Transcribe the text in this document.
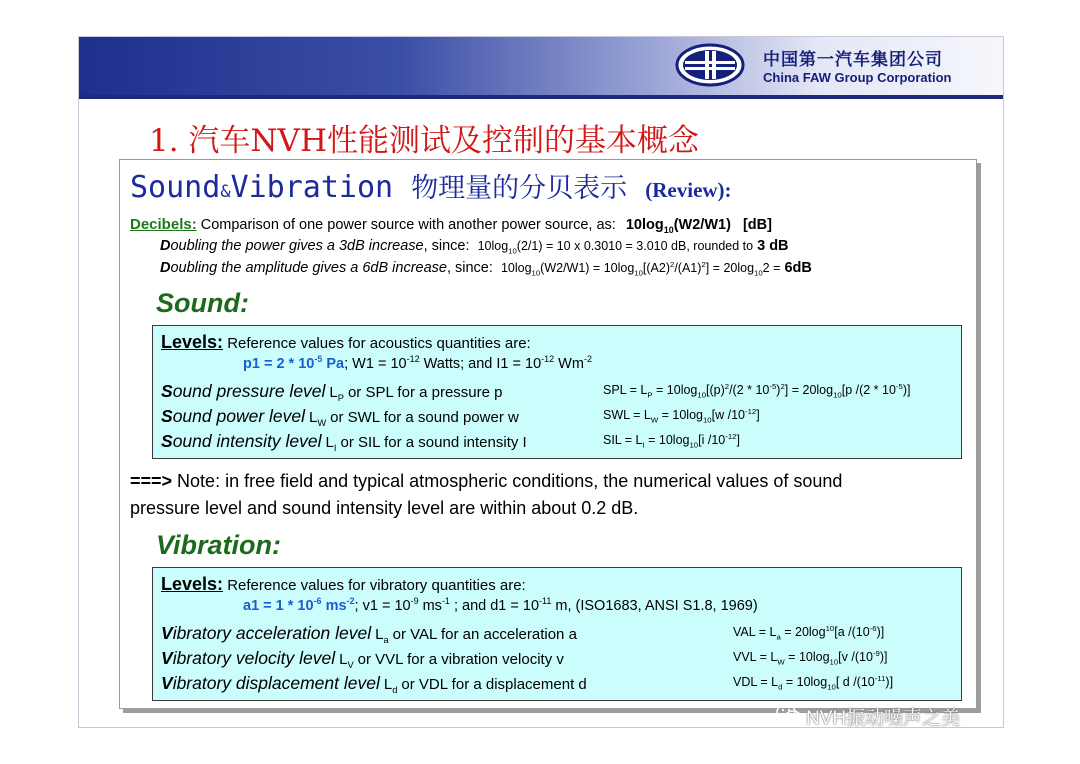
中国第一汽车集团公司
China FAW Group Corporation
1. 汽车NVH性能测试及控制的基本概念
Sound&Vibration 物理量的分贝表示 (Review):
Decibels: Comparison of one power source with another power source, as: $10\log_{10}(W2/W1)$ [dB]
Doubling the power gives a 3dB increase, since: $10\log_{10}(2/1) = 10$ x 0.3010 = 3.010 dB, rounded to 3 dB
Doubling the amplitude gives a 6dB increase, since: $10\log_{10}(W2/W1) = 10\log_{10}[(A2)^2/(A1)^2] = 20\log_{10}2 = 6dB$
Sound:
Levels: Reference values for acoustics quantities are:
$p1 = 2 * 10^{-5}$ Pa; $W1 = 10^{-12}$ Watts; and $I1 = 10^{-12}$ $Wm^{-2}$
Sound pressure level $L_P$ or SPL for a pressure p	SPL = $L_P = 10\log_{10}[(p)^2/(2 * 10^{-5})^2] = 20\log_{10}[p$ $/(2 * 10^{-5})$]
Sound power level $L_W$ or SWL for a sound power w	SWL = $L_W = 10\log_{10}[w$ $/10^{-12}$]
Sound intensity level $L_I$ or SIL for a sound intensity I	SIL = $L_I = 10\log_{10}[i$ $/10^{-12}$]
===> Note: in free field and typical atmospheric conditions, the numerical values of sound
pressure level and sound intensity level are within about 0.2 dB.
Vibration:
Levels: Reference values for vibratory quantities are:
$a1 = 1 * 10^{-6}$ $ms^{-2}$; $v1 = 10^{-9}$ $ms^{-1}$ ; and $d1 = 10^{-11}$ m, (ISO1683, ANSI S1.8, 1969)
Vibratory acceleration level $L_a$ or VAL for an acceleration a	VAL = $L_a = 20\log^{10}[a$ $/(10^{-6})$]
Vibratory velocity level $L_V$ or VVL for a vibration velocity v	VVL = $L_W = 10\log_{10}[v$ $/(10^{-9})$]
Vibratory displacement level $L_d$ or VDL for a displacement d	VDL = $L_d = 10\log_{10}$[ d $/(10^{-11})$]
NVH振动噪声之美
